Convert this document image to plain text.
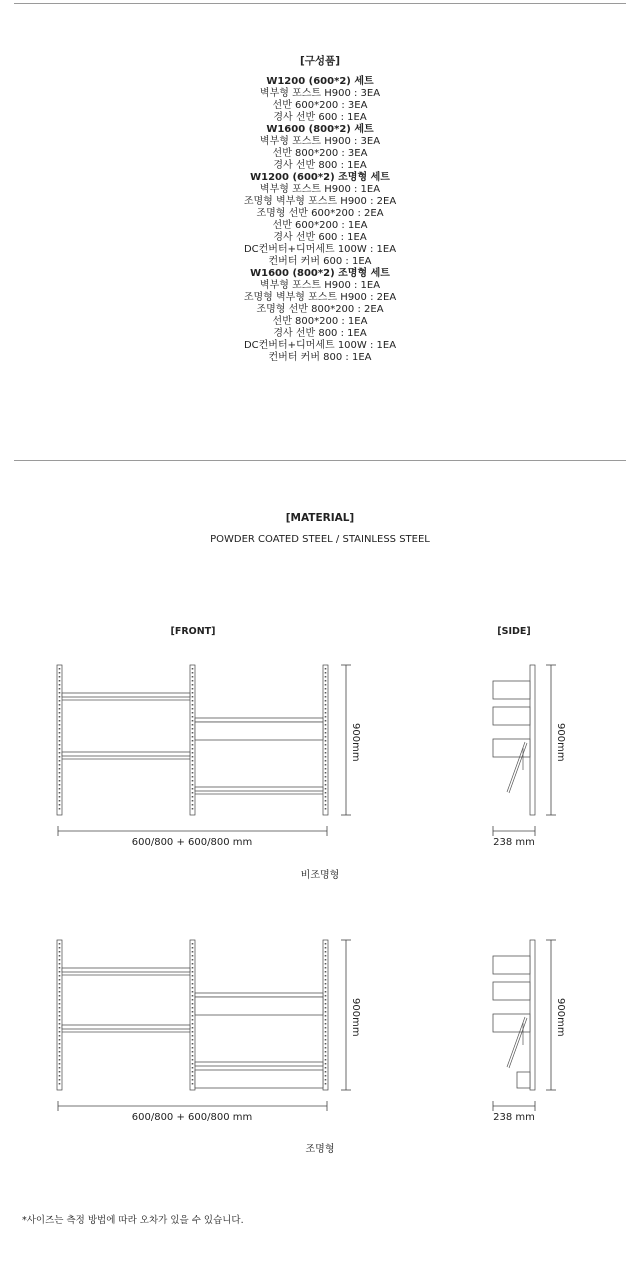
[구성품]
W1200 (600*2) 세트
벽부형 포스트 H900 : 3EA
선반 600*200 : 3EA
경사 선반 600 : 1EA
W1600 (800*2) 세트
벽부형 포스트 H900 : 3EA
선반 800*200 : 3EA
경사 선반 800 : 1EA
W1200 (600*2) 조명형 세트
벽부형 포스트 H900 : 1EA
조명형 벽부형 포스트 H900 : 2EA
조명형 선반 600*200 : 2EA
선반 600*200 : 1EA
경사 선반 600 : 1EA
DC컨버터+디머세트 100W : 1EA
컨버터 커버 600 : 1EA
W1600 (800*2) 조명형 세트
벽부형 포스트 H900 : 1EA
조명형 벽부형 포스트 H900 : 2EA
조명형 선반 800*200 : 2EA
선반 800*200 : 1EA
경사 선반 800 : 1EA
DC컨버터+디머세트 100W : 1EA
컨버터 커버 800 : 1EA
[MATERIAL]
POWDER COATED STEEL / STAINLESS STEEL
[FRONT]	[SIDE]
900mm
600/800 + 600/800 mm	238 mm
900mm
비조명형
900mm
600/800 + 600/800 mm	238 mm
900mm
조명형
*사이즈는 측정 방법에 따라 오차가 있을 수 있습니다.
